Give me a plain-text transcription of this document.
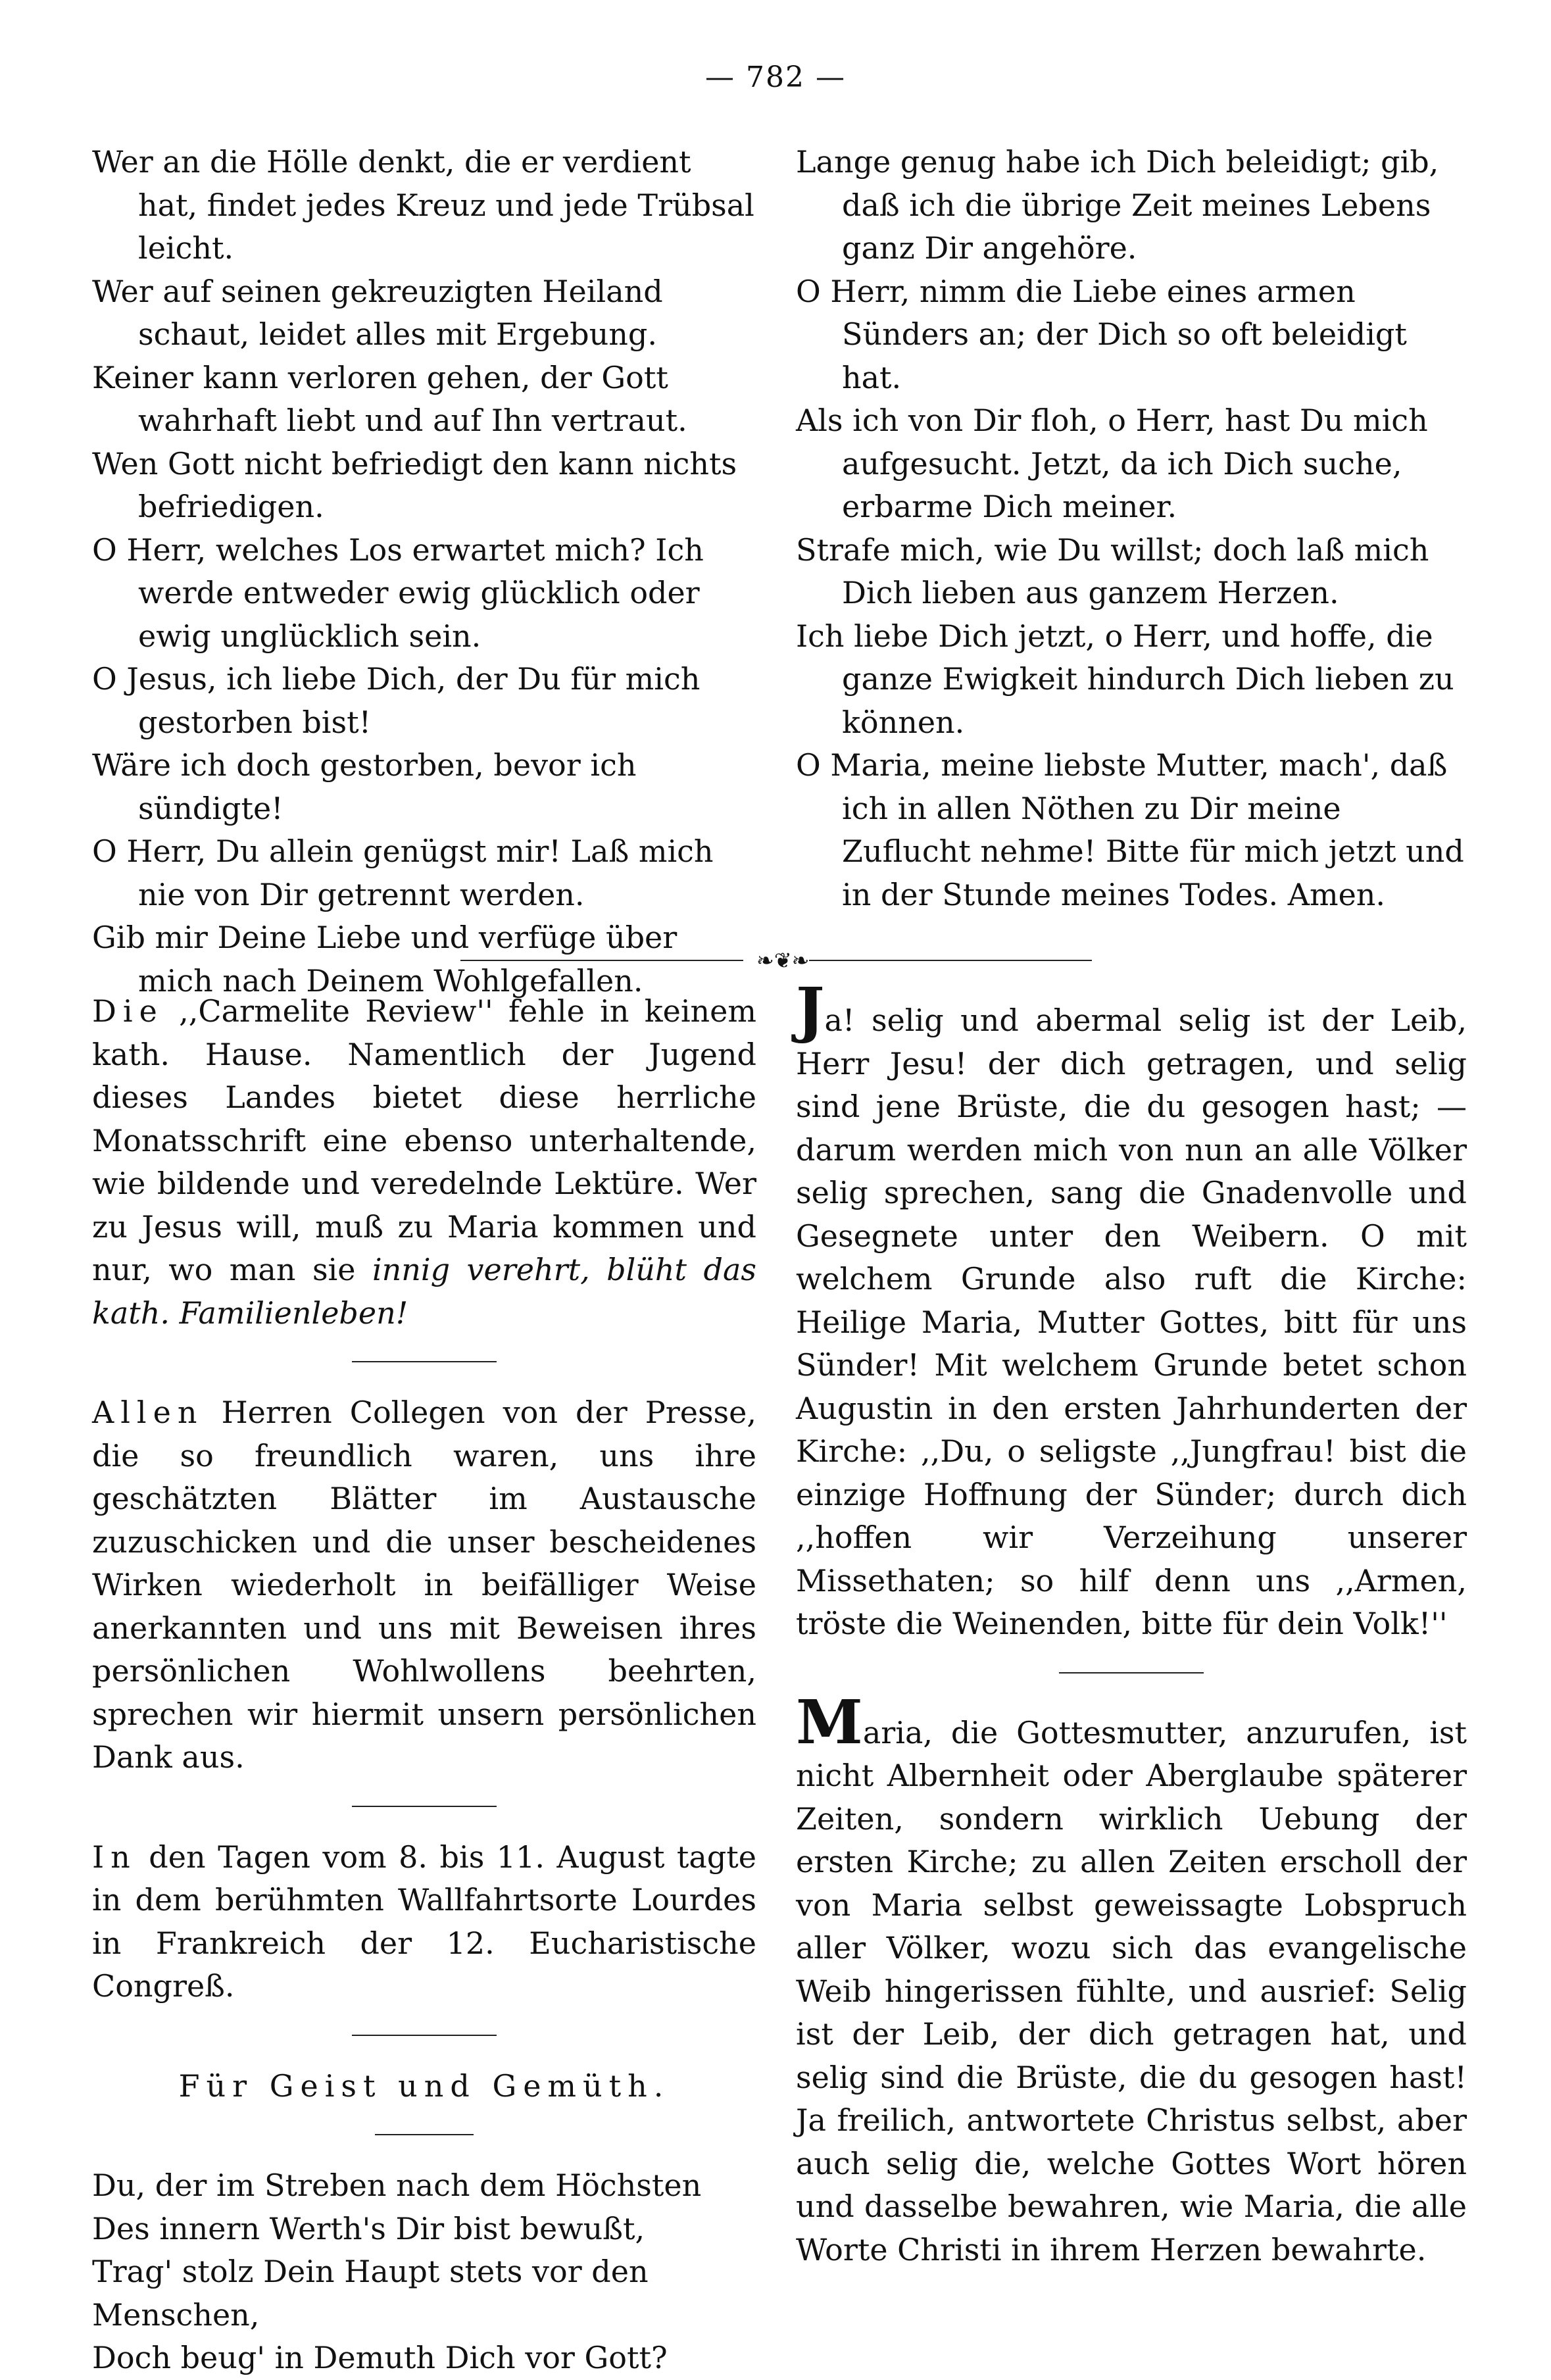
— 782 —

Wer an die Hölle denkt, die er verdient hat, findet jedes Kreuz und jede Trübsal leicht.

Wer auf seinen gekreuzigten Heiland schaut, leidet alles mit Ergebung.

Keiner kann verloren gehen, der Gott wahrhaft liebt und auf Ihn vertraut.

Wen Gott nicht befriedigt den kann nichts befriedigen.

O Herr, welches Los erwartet mich? Ich werde entweder ewig glücklich oder ewig unglücklich sein.

O Jesus, ich liebe Dich, der Du für mich gestorben bist!

Wäre ich doch gestorben, bevor ich sündigte!

O Herr, Du allein genügst mir! Laß mich nie von Dir getrennt werden.

Gib mir Deine Liebe und verfüge über mich nach Deinem Wohlgefallen.

Lange genug habe ich Dich beleidigt; gib, daß ich die übrige Zeit meines Lebens ganz Dir angehöre.

O Herr, nimm die Liebe eines armen Sünders an; der Dich so oft beleidigt hat.

Als ich von Dir floh, o Herr, hast Du mich aufgesucht. Jetzt, da ich Dich suche, erbarme Dich meiner.

Strafe mich, wie Du willst; doch laß mich Dich lieben aus ganzem Herzen.

Ich liebe Dich jetzt, o Herr, und hoffe, die ganze Ewigkeit hindurch Dich lieben zu können.

O Maria, meine liebste Mutter, mach', daß ich in allen Nöthen zu Dir meine Zuflucht nehme! Bitte für mich jetzt und in der Stunde meines Todes. Amen.

❧❦❧

Die ,,Carmelite Review'' fehle in keinem kath. Hause. Namentlich der Jugend dieses Landes bietet diese herrliche Monatsschrift eine ebenso unterhaltende, wie bildende und veredelnde Lektüre. Wer zu Jesus will, muß zu Maria kommen und nur, wo man sie innig verehrt, blüht das kath. Familienleben!

Allen Herren Collegen von der Presse, die so freundlich waren, uns ihre geschätzten Blätter im Austausche zuzuschicken und die unser bescheidenes Wirken wiederholt in beifälliger Weise anerkannten und uns mit Beweisen ihres persönlichen Wohlwollens beehrten, sprechen wir hiermit unsern persönlichen Dank aus.

In den Tagen vom 8. bis 11. August tagte in dem berühmten Wallfahrtsorte Lourdes in Frankreich der 12. Eucharistische Congreß.

Für Geist und Gemüth.

Du, der im Streben nach dem Höchsten

Des innern Werth's Dir bist bewußt,

Trag' stolz Dein Haupt stets vor den Menschen,

Doch beug' in Demuth Dich vor Gott?

Ja! selig und abermal selig ist der Leib, Herr Jesu! der dich getragen, und selig sind jene Brüste, die du gesogen hast; — darum werden mich von nun an alle Völker selig sprechen, sang die Gnadenvolle und Gesegnete unter den Weibern. O mit welchem Grunde also ruft die Kirche: Heilige Maria, Mutter Gottes, bitt für uns Sünder! Mit welchem Grunde betet schon Augustin in den ersten Jahrhunderten der Kirche: ,,Du, o seligste ,,Jungfrau! bist die einzige Hoffnung der Sünder; durch dich ,,hoffen wir Verzeihung unserer Missethaten; so hilf denn uns ,,Armen, tröste die Weinenden, bitte für dein Volk!''

Maria, die Gottesmutter, anzurufen, ist nicht Albernheit oder Aberglaube späterer Zeiten, sondern wirklich Uebung der ersten Kirche; zu allen Zeiten erscholl der von Maria selbst geweissagte Lobspruch aller Völker, wozu sich das evangelische Weib hingerissen fühlte, und ausrief: Selig ist der Leib, der dich getragen hat, und selig sind die Brüste, die du gesogen hast! Ja freilich, antwortete Christus selbst, aber auch selig die, welche Gottes Wort hören und dasselbe bewahren, wie Maria, die alle Worte Christi in ihrem Herzen bewahrte.
